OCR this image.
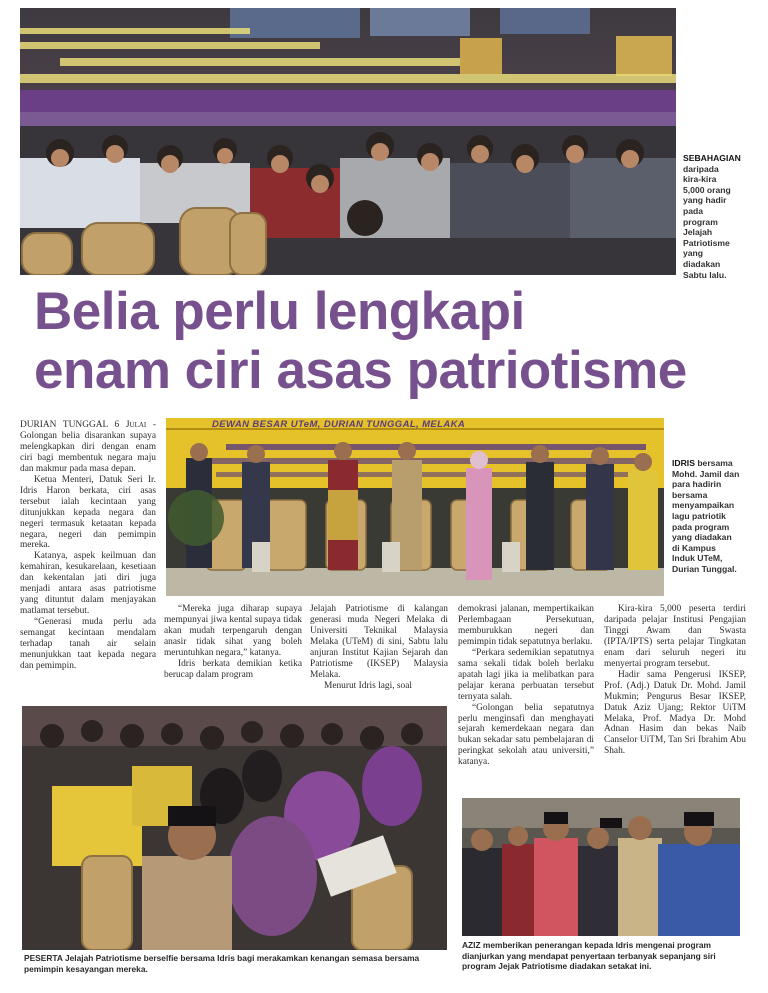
SEBAHAGIAN
daripada
kira-kira
5,000 orang
yang hadir
pada
program
Jelajah
Patriotisme
yang
diadakan
Sabtu lalu.

Belia perlu lengkapi
enam ciri asas patriotisme
DEWAN BESAR UTeM, DURIAN TUNGGAL, MELAKA

IDRIS bersama
Mohd. Jamil dan
para hadirin
bersama
menyampaikan
lagu patriotik
pada program
yang diadakan
di Kampus
Induk UTeM,
Durian Tunggal.

DURIAN TUNGGAL 6 Julai - Golongan belia disarankan supaya melengkapkan diri dengan enam ciri bagi membentuk negara maju dan makmur pada masa depan.

Ketua Menteri, Datuk Seri Ir. Idris Haron berkata, ciri asas tersebut ialah kecintaan yang ditunjukkan kepada negara dan negeri termasuk ketaatan kepada negara, negeri dan pemimpin mereka.

Katanya, aspek keilmuan dan kemahiran, kesukarelaan, kesetiaan dan kekentalan jati diri juga menjadi antara asas patriotisme yang dituntut dalam menjayakan matlamat tersebut.

“Generasi muda perlu ada semangat kecintaan mendalam terhadap tanah air selain menunjukkan taat kepada negara dan pemimpin.

“Mereka juga diharap supaya mempunyai jiwa kental supaya tidak akan mudah terpengaruh dengan anasir tidak sihat yang boleh meruntuhkan negara,” katanya.

Idris berkata demikian ketika berucap dalam program

Jelajah Patriotisme di kalangan generasi muda Negeri Melaka di Universiti Teknikal Malaysia Melaka (UTeM) di sini, Sabtu lalu anjuran Institut Kajian Sejarah dan Patriotisme (IKSEP) Malaysia Melaka.

Menurut Idris lagi, soal

demokrasi jalanan, mempertikaikan Perlembagaan Persekutuan, memburukkan negeri dan pemimpin tidak sepatutnya berlaku.

“Perkara sedemikian sepatutnya sama sekali tidak boleh berlaku apatah lagi jika ia melibatkan para pelajar kerana perbuatan tersebut ternyata salah.

“Golongan belia sepatutnya perlu menginsafi dan menghayati sejarah kemerdekaan negara dan bukan sekadar satu pembelajaran di peringkat sekolah atau universiti,” katanya.

Kira-kira 5,000 peserta terdiri daripada pelajar Institusi Pengajian Tinggi Awam dan Swasta (IPTA/IPTS) serta pelajar Tingkatan enam dari seluruh negeri itu menyertai program tersebut.

Hadir sama Pengerusi IKSEP, Prof. (Adj.) Datuk Dr. Mohd. Jamil Mukmin; Pengurus Besar IKSEP, Datuk Aziz Ujang; Rektor UiTM Melaka, Prof. Madya Dr. Mohd Adnan Hasim dan bekas Naib Canselor UiTM, Tan Sri Ibrahim Abu Shah.

PESERTA Jelajah Patriotisme berselfie bersama Idris bagi merakamkan kenangan semasa bersama pemimpin kesayangan mereka.

AZIZ memberikan penerangan kepada Idris mengenai program dianjurkan yang mendapat penyertaan terbanyak sepanjang siri program Jejak Patriotisme diadakan setakat ini.
